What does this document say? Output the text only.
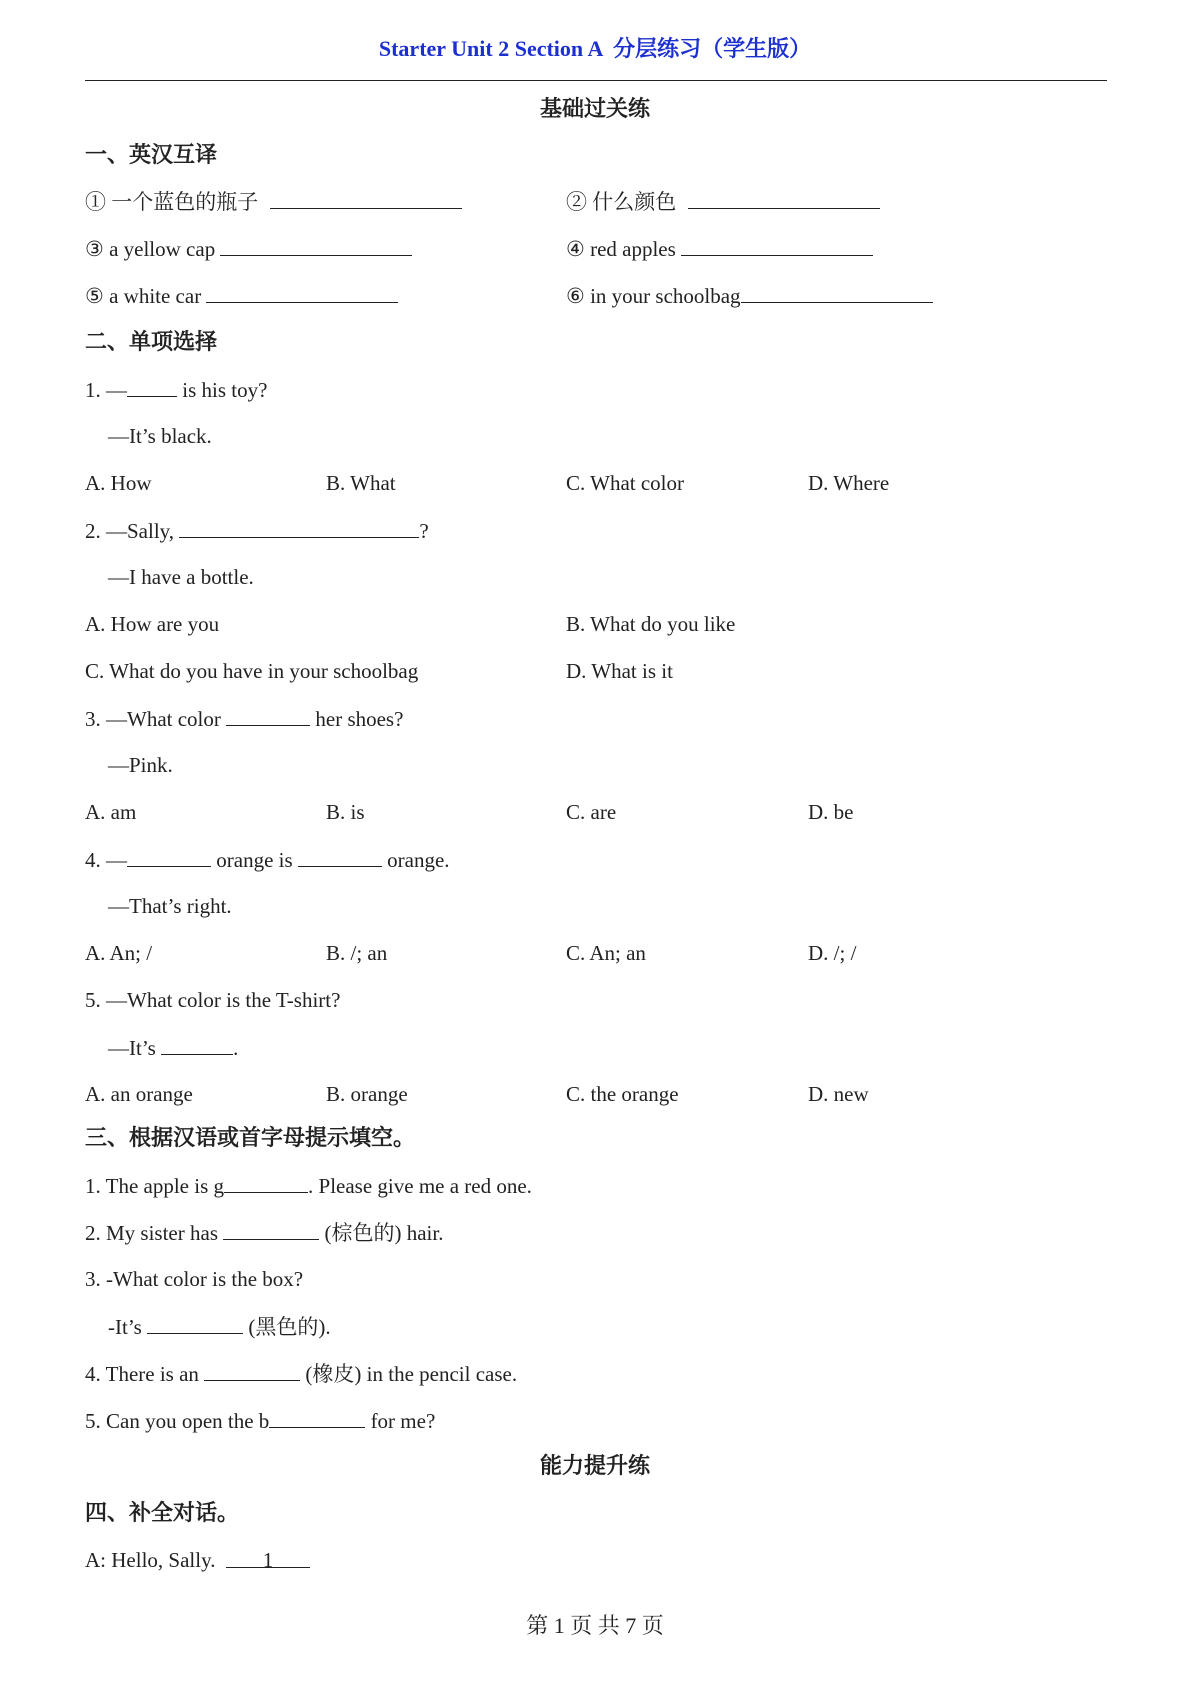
Starter Unit 2 Section A  分层练习（学生版）
基础过关练
一、英汉互译
① 一个蓝色的瓶子	② 什么颜色
③ a yellow cap	④ red apples
⑤ a white car	⑥ in your schoolbag
二、单项选择
1. — is his toy?
—It’s black.
A. How	B. What	C. What color	D. Where
2. —Sally,	?
—I have a bottle.
A. How are you	B. What do you like
C. What do you have in your schoolbag	D. What is it
3. —What color	her shoes?
—Pink.
A. am	B. is	C. are	D. be
4. —	orange is	orange.
—That’s right.
A. An; /	B. /; an	C. An; an	D. /; /
5. —What color is the T-shirt?
—It’s	.
A. an orange	B. orange	C. the orange	D. new
三、根据汉语或首字母提示填空。
1. The apple is g	. Please give me a red one.
2. My sister has	(棕色的) hair.
3. -What color is the box?
-It’s	(黑色的).
4. There is an	(橡皮) in the pencil case.
5. Can you open the b	for me?
能力提升练
四、补全对话。
A: Hello, Sally.  1
第 1 页 共 7 页
